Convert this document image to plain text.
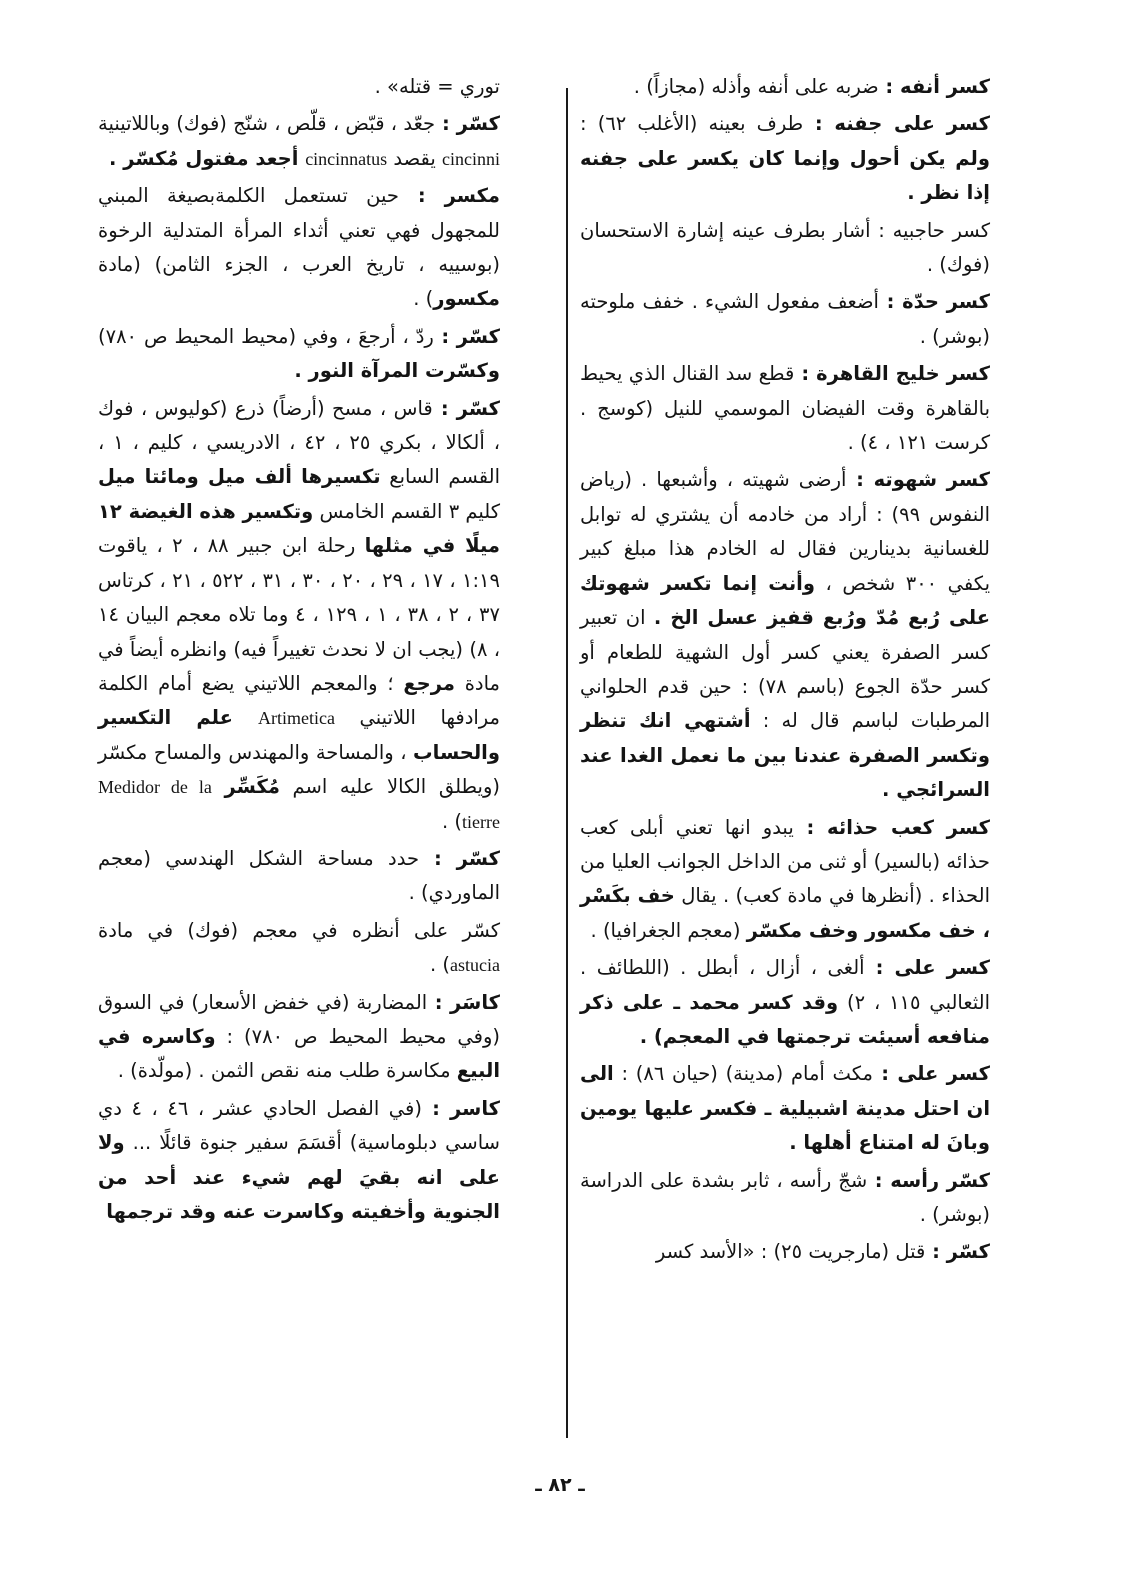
كسر أنفه : ضربه على أنفه وأذله (مجازاً) .
كسر على جفنه : طرف بعينه (الأغلب ٦٢) : ولم يكن أحول وإنما كان يكسر على جفنه إذا نظر .
كسر حاجبيه : أشار بطرف عينه إشارة الاستحسان (فوك) .
كسر حدّة : أضعف مفعول الشيء . خفف ملوحته (بوشر) .
كسر خليج القاهرة : قطع سد القنال الذي يحيط بالقاهرة وقت الفيضان الموسمي للنيل (كوسج . كرست ١٢١ ، ٤) .
كسر شهوته : أرضى شهيته ، وأشبعها . (رياض النفوس ٩٩) : أراد من خادمه أن يشتري له توابل للغسانية بدينارين فقال له الخادم هذا مبلغ كبير يكفي ٣٠٠ شخص ، وأنت إنما تكسر شهوتك على رُبع مُدّ ورُبع قفيز عسل الخ . ان تعبير كسر الصفرة يعني كسر أول الشهية للطعام أو كسر حدّة الجوع (باسم ٧٨) : حين قدم الحلواني المرطبات لباسم قال له : أشتهي انك تنظر وتكسر الصفرة عندنا بين ما نعمل الغدا عند السرائجي .
كسر كعب حذائه : يبدو انها تعني أبلى كعب حذائه (بالسير) أو ثنى من الداخل الجوانب العليا من الحذاء . (أنظرها في مادة كعب) . يقال خف بكَسْر ، خف مكسور وخف مكسّر (معجم الجغرافيا) .
كسر على : ألغى ، أزال ، أبطل . (اللطائف . الثعالبي ١١٥ ، ٢) وقد كسر محمد ـ على ذكر منافعه أسيئت ترجمتها في المعجم) .
كسر على : مكث أمام (مدينة) (حيان ٨٦) : الى ان احتل مدينة اشبيلية ـ فكسر عليها يومين وبانَ له امتناع أهلها .
كسّر رأسه : شجّ رأسه ، ثابر بشدة على الدراسة (بوشر) .
كسّر : قتل (مارجريت ٢٥) : «الأسد كسر
توري = قتله» .
كسّر : جعّد ، قبّض ، قلّص ، شنّج (فوك) وباللاتينية cincinni يقصد cincinnatus أجعد مفتول مُكسّر .
مكسر : حين تستعمل الكلمةبصيغة المبني للمجهول فهي تعني أثداء المرأة المتدلية الرخوة (بوسييه ، تاريخ العرب ، الجزء الثامن) (مادة مكسور) .
كسّر : ردّ ، أرجعَ ، وفي (محيط المحيط ص ٧٨٠) وكسّرت المرآة النور .
كسّر : قاس ، مسح (أرضاً) ذرع (كوليوس ، فوك ، ألكالا ، بكري ٢٥ ، ٤٢ ، الادريسي ، كليم ، ١ ، القسم السابع تكسيرها ألف ميل ومائتا ميل كليم ٣ القسم الخامس وتكسير هذه الغيضة ١٢ ميلًا في مثلها رحلة ابن جبير ٨٨ ، ٢ ، ياقوت ١:١٩ ، ١٧ ، ٢٩ ، ٢٠ ، ٣٠ ، ٣١ ، ٥٢٢ ، ٢١ ، كرتاس ٣٧ ، ٢ ، ٣٨ ، ١ ، ١٢٩ ، ٤ وما تلاه معجم البيان ١٤ ، ٨) (يجب ان لا نحدث تغييراً فيه) وانظره أيضاً في مادة مرجع ؛ والمعجم اللاتيني يضع أمام الكلمة مرادفها اللاتيني Artimetica علم التكسير والحساب ، والمساحة والمهندس والمساح مكسّر (ويطلق الكالا عليه اسم مُكَسِّر Medidor de la tierre) .
كسّر : حدد مساحة الشكل الهندسي (معجم الماوردي) .
كسّر على أنظره في معجم (فوك) في مادة astucia) .
كاسَر : المضاربة (في خفض الأسعار) في السوق (وفي محيط المحيط ص ٧٨٠) : وكاسره في البيع مكاسرة طلب منه نقص الثمن . (مولّدة) .
كاسر : (في الفصل الحادي عشر ، ٤٦ ، ٤ دي ساسي دبلوماسية) أقسَمَ سفير جنوة قائلًا ... ولا على انه بقيَ لهم شيء عند أحد من الجنوية وأخفيته وكاسرت عنه وقد ترجمها
ـ ٨٢ ـ
